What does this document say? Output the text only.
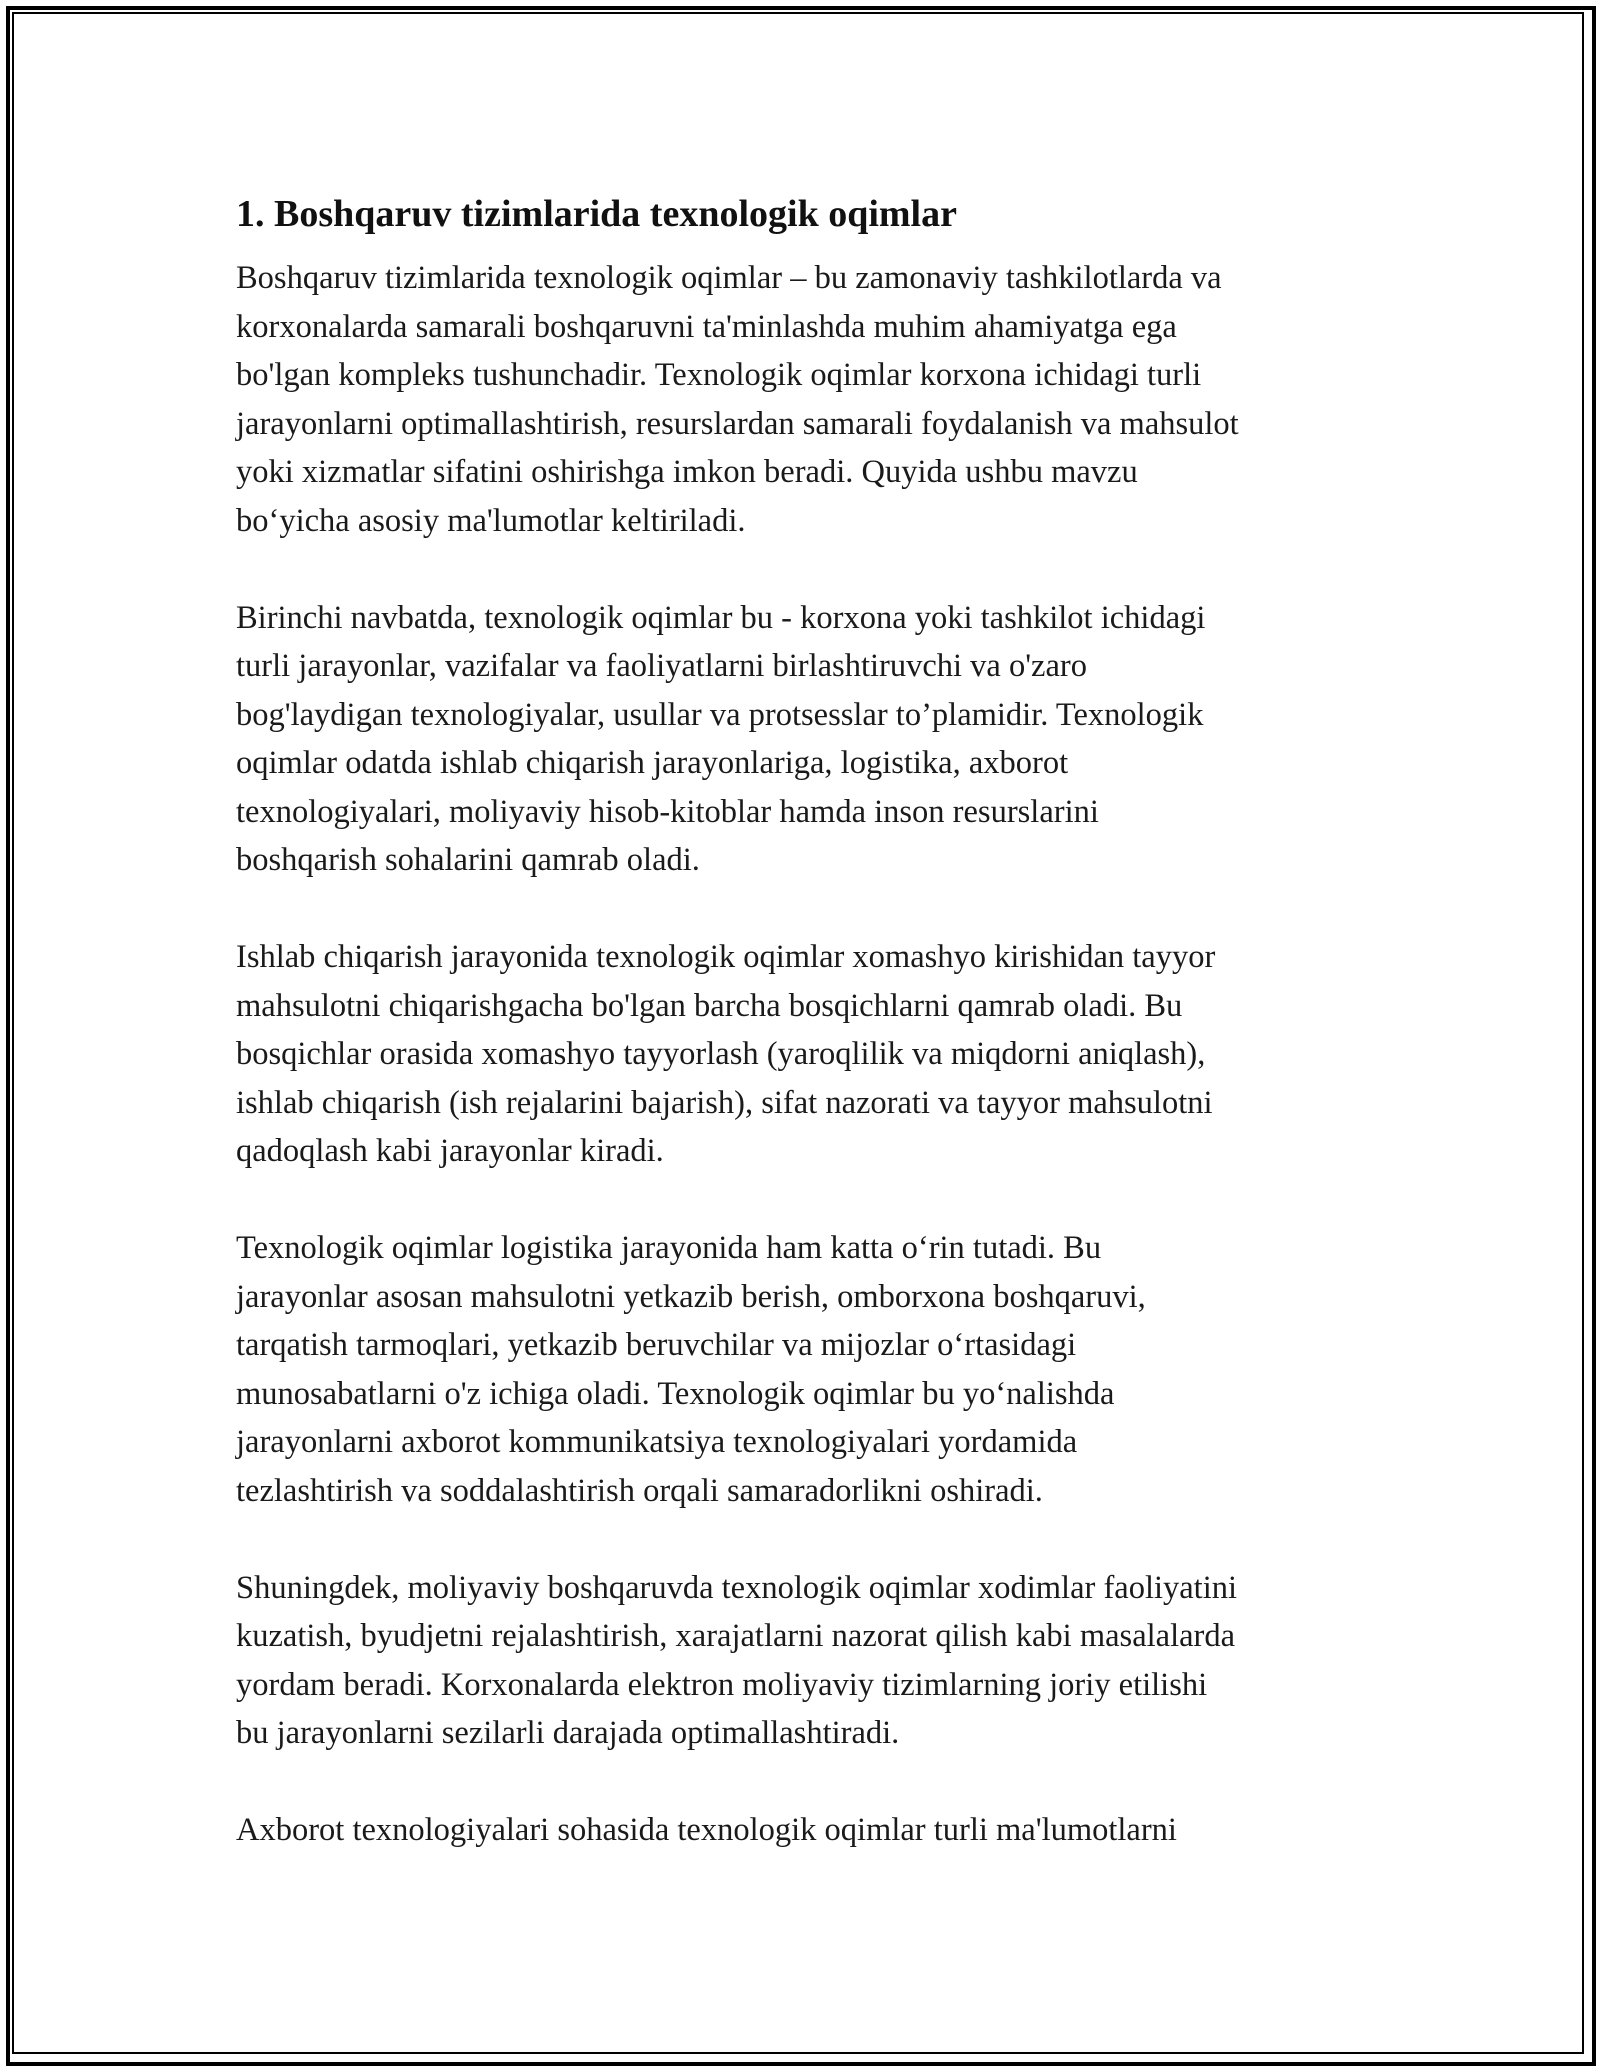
1. Boshqaruv tizimlarida texnologik oqimlar

Boshqaruv tizimlarida texnologik oqimlar – bu zamonaviy tashkilotlarda va
korxonalarda samarali boshqaruvni ta'minlashda muhim ahamiyatga ega
bo'lgan kompleks tushunchadir. Texnologik oqimlar korxona ichidagi turli
jarayonlarni optimallashtirish, resurslardan samarali foydalanish va mahsulot
yoki xizmatlar sifatini oshirishga imkon beradi. Quyida ushbu mavzu
bo‘yicha asosiy ma'lumotlar keltiriladi.

Birinchi navbatda, texnologik oqimlar bu - korxona yoki tashkilot ichidagi
turli jarayonlar, vazifalar va faoliyatlarni birlashtiruvchi va o'zaro
bog'laydigan texnologiyalar, usullar va protsesslar to’plamidir. Texnologik
oqimlar odatda ishlab chiqarish jarayonlariga, logistika, axborot
texnologiyalari, moliyaviy hisob-kitoblar hamda inson resurslarini
boshqarish sohalarini qamrab oladi.

Ishlab chiqarish jarayonida texnologik oqimlar xomashyo kirishidan tayyor
mahsulotni chiqarishgacha bo'lgan barcha bosqichlarni qamrab oladi. Bu
bosqichlar orasida xomashyo tayyorlash (yaroqlilik va miqdorni aniqlash),
ishlab chiqarish (ish rejalarini bajarish), sifat nazorati va tayyor mahsulotni
qadoqlash kabi jarayonlar kiradi.

Texnologik oqimlar logistika jarayonida ham katta o‘rin tutadi. Bu
jarayonlar asosan mahsulotni yetkazib berish, omborxona boshqaruvi,
tarqatish tarmoqlari, yetkazib beruvchilar va mijozlar o‘rtasidagi
munosabatlarni o'z ichiga oladi. Texnologik oqimlar bu yo‘nalishda
jarayonlarni axborot kommunikatsiya texnologiyalari yordamida
tezlashtirish va soddalashtirish orqali samaradorlikni oshiradi.

Shuningdek, moliyaviy boshqaruvda texnologik oqimlar xodimlar faoliyatini
kuzatish, byudjetni rejalashtirish, xarajatlarni nazorat qilish kabi masalalarda
yordam beradi. Korxonalarda elektron moliyaviy tizimlarning joriy etilishi
bu jarayonlarni sezilarli darajada optimallashtiradi.

Axborot texnologiyalari sohasida texnologik oqimlar turli ma'lumotlarni
